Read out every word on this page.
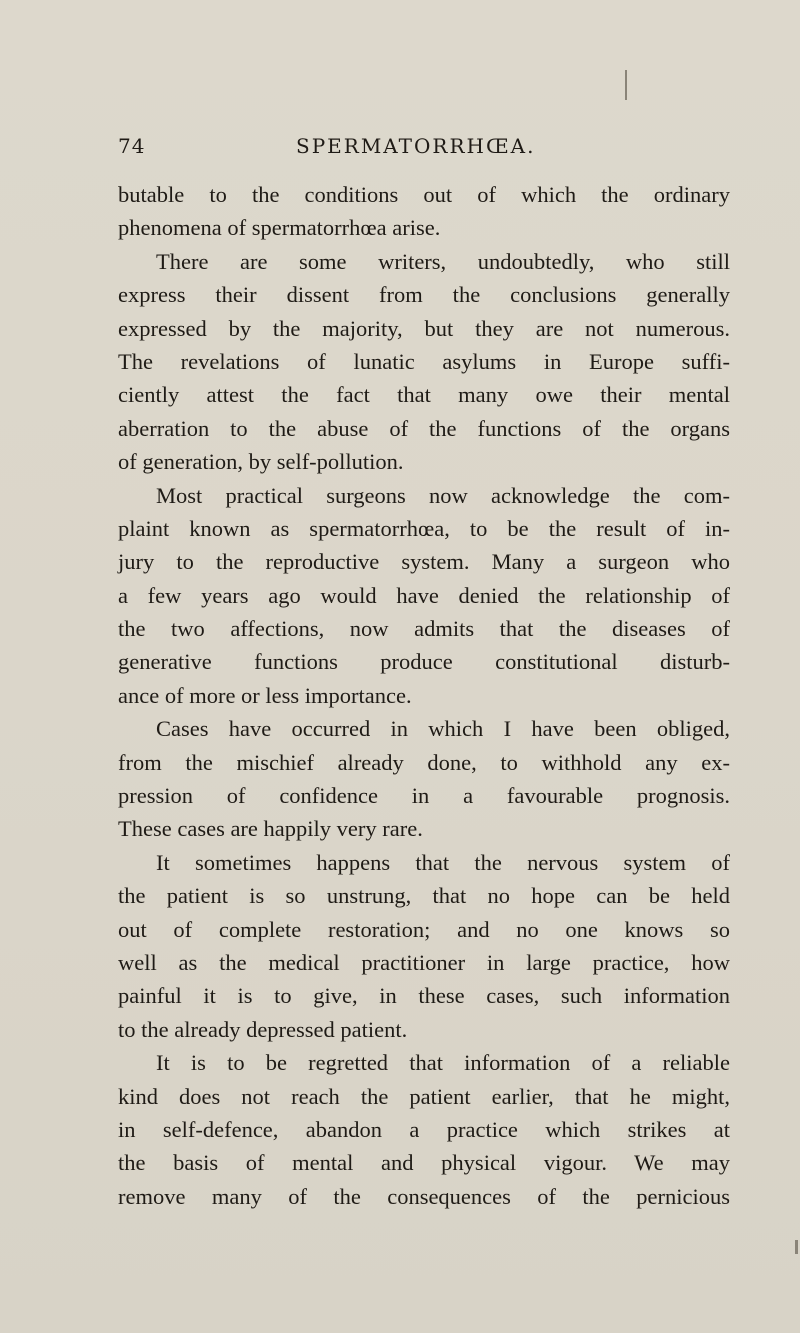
74	SPERMATORRHŒA.
butable to the conditions out of which the ordinary
phenomena of spermatorrhœa arise.
There are some writers, undoubtedly, who still
express their dissent from the conclusions generally
expressed by the majority, but they are not numerous.
The revelations of lunatic asylums in Europe suffi-
ciently attest the fact that many owe their mental
aberration to the abuse of the functions of the organs
of generation, by self-pollution.
Most practical surgeons now acknowledge the com-
plaint known as spermatorrhœa, to be the result of in-
jury to the reproductive system. Many a surgeon who
a few years ago would have denied the relationship of
the two affections, now admits that the diseases of
generative functions produce constitutional disturb-
ance of more or less importance.
Cases have occurred in which I have been obliged,
from the mischief already done, to withhold any ex-
pression of confidence in a favourable prognosis.
These cases are happily very rare.
It sometimes happens that the nervous system of
the patient is so unstrung, that no hope can be held
out of complete restoration; and no one knows so
well as the medical practitioner in large practice, how
painful it is to give, in these cases, such information
to the already depressed patient.
It is to be regretted that information of a reliable
kind does not reach the patient earlier, that he might,
in self-defence, abandon a practice which strikes at
the basis of mental and physical vigour. We may
remove many of the consequences of the pernicious
